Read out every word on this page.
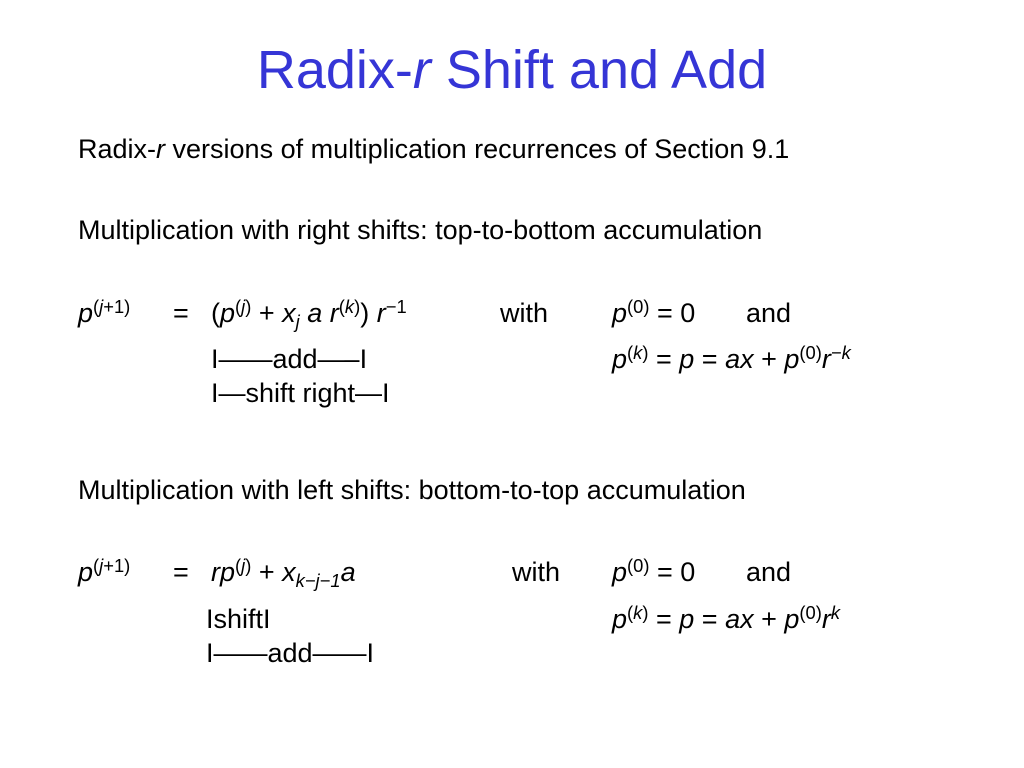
Radix-r Shift and Add
Radix-r versions of multiplication recurrences of Section 9.1
Multiplication with right shifts: top-to-bottom accumulation
$p^{(j+1)} = (p^{(j)} + x_j$ a $r^{(k)}$) $r^{-1}$	with $p^{(0)} = 0$ and
I——add—–I	$p^{(k)} = p$ = ax + $p^{(0)}r^{-k}$
I—shift right—I
Multiplication with left shifts: bottom-to-top accumulation
$p^{(j+1)} = rp^{(j)} + x_{k-j-1}a$	with $p^{(0)} = 0$ and
IshiftI	$p^{(k)} = p$ = ax + $p^{(0)}r^k$
I——add——I
